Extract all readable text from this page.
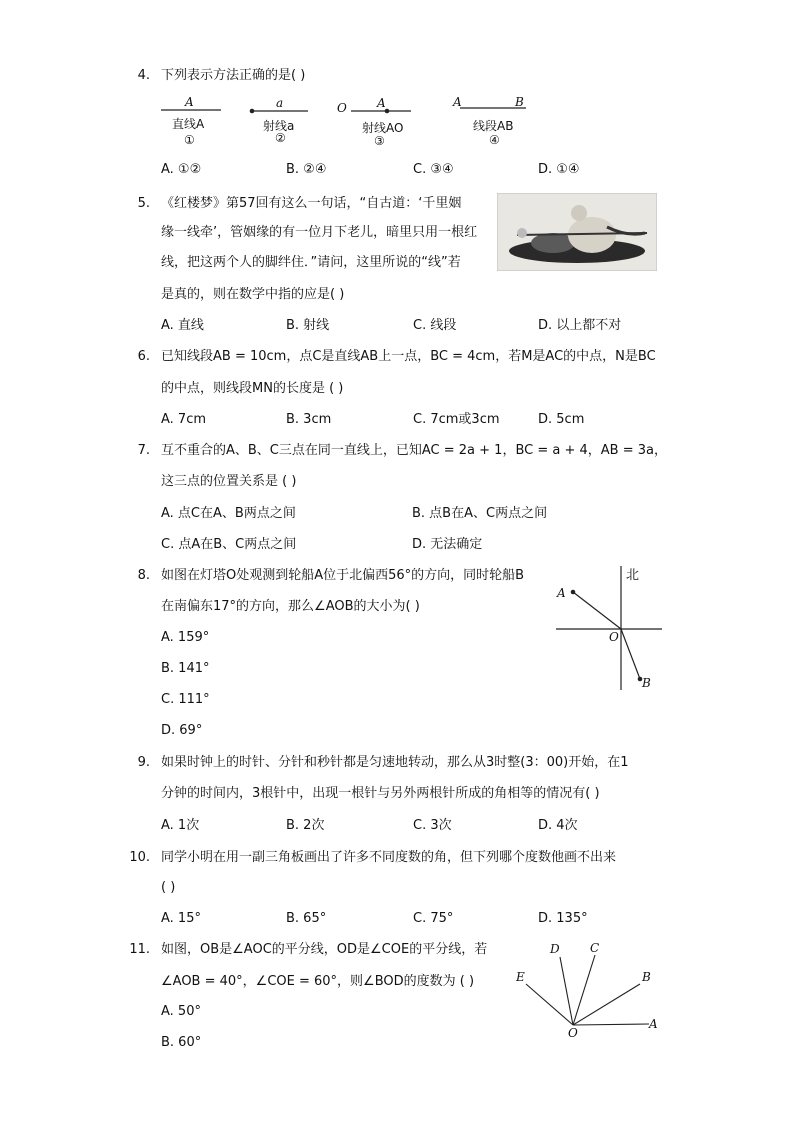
4. 下列表示方法正确的是( )
A
直线A
①
a
射线a
②
O	A
射线AO
③
A	B
线段AB
④
A. ①②	B. ②④	C. ③④	D. ①④
5. 《红楼梦》第57回有这么一句话，“自古道：‘千里姻
缘一线牵’，管姻缘的有一位月下老儿，暗里只用一根红
线，把这两个人的脚绊住．”请问，这里所说的“线”若
是真的，则在数学中指的应是( )
A. 直线	B. 射线	C. 线段	D. 以上都不对
6. 已知线段AB = 10cm，点C是直线AB上一点，BC = 4cm，若M是AC的中点，N是BC
的中点，则线段MN的长度是 ( )
A. 7cm	B. 3cm	C. 7cm或3cm	D. 5cm
7. 互不重合的A、B、C三点在同一直线上，已知AC = 2a + 1，BC = a + 4，AB = 3a，
这三点的位置关系是 ( )
A. 点C在A、B两点之间	B. 点B在A、C两点之间
C. 点A在B、C两点之间	D. 无法确定
8. 如图在灯塔O处观测到轮船A位于北偏西56°的方向，同时轮船B
在南偏东17°的方向，那么∠AOB的大小为( )
A. 159°
B. 141°
C. 111°
D. 69°
北
A
O
B
9. 如果时钟上的时针、分针和秒针都是匀速地转动，那么从3时整(3：00)开始，在1
分钟的时间内，3根针中，出现一根针与另外两根针所成的角相等的情况有( )
A. 1次	B. 2次	C. 3次	D. 4次
10. 同学小明在用一副三角板画出了许多不同度数的角，但下列哪个度数他画不出来
( )
A. 15°	B. 65°	C. 75°	D. 135°
11. 如图，OB是∠AOC的平分线，OD是∠COE的平分线，若
∠AOB = 40°，∠COE = 60°，则∠BOD的度数为 ( )
A. 50°
B. 60°
D	C
E	B
A
O
